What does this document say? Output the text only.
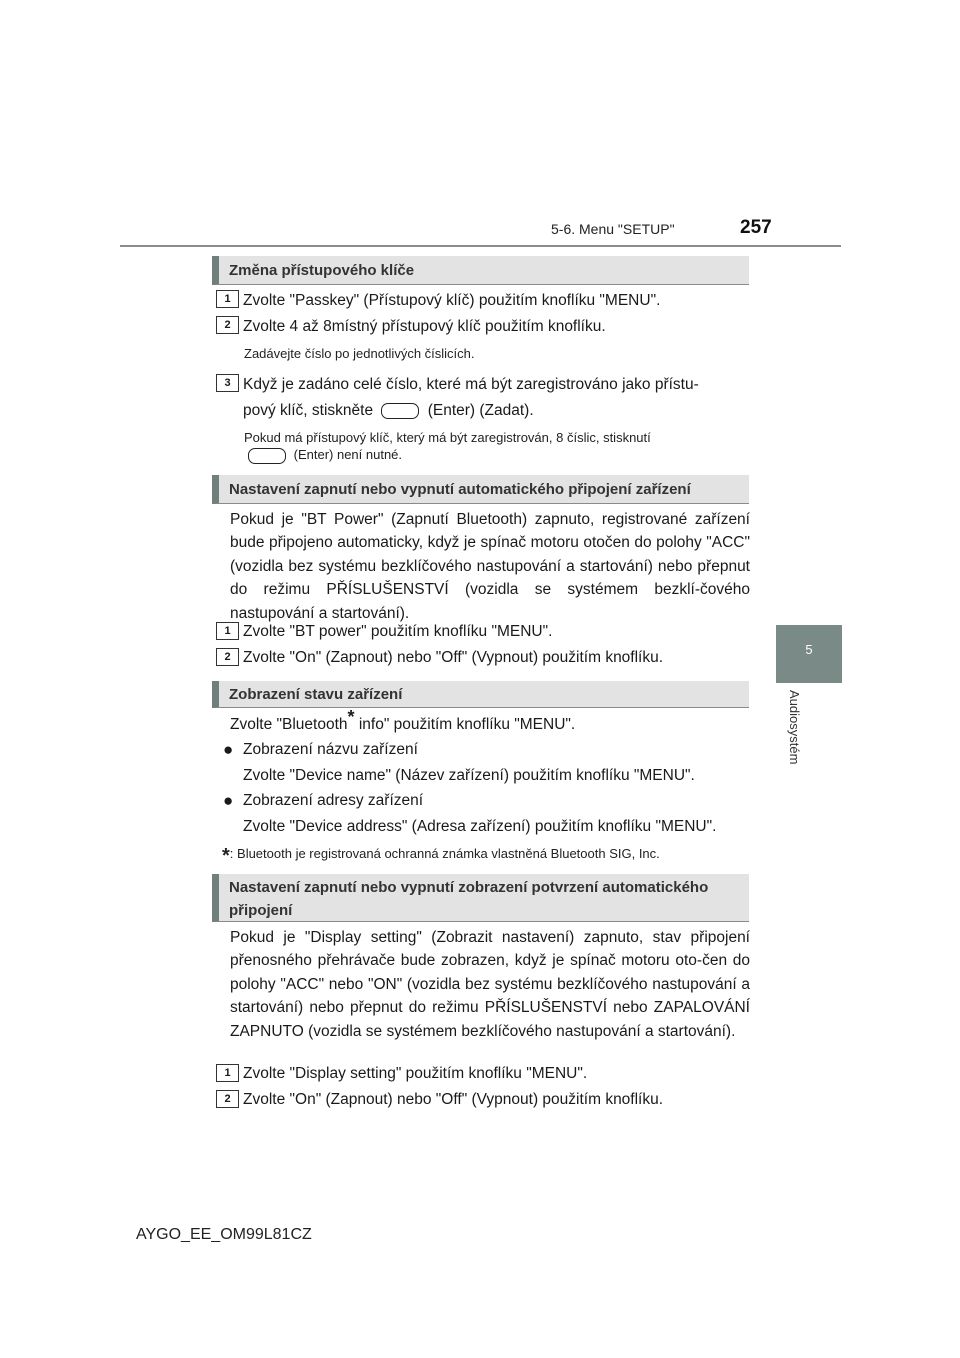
5-6. Menu "SETUP"	257
5
Audiosystém
Změna přístupového klíče
1 Zvolte "Passkey" (Přístupový klíč) použitím knoflíku "MENU".
2 Zvolte 4 až 8místný přístupový klíč použitím knoflíku.
Zadávejte číslo po jednotlivých číslicích.
3 Když je zadáno celé číslo, které má být zaregistrováno jako přístu-
pový klíč, stiskněte	(Enter) (Zadat).
Pokud má přístupový klíč, který má být zaregistrován, 8 číslic, stisknutí
(Enter) není nutné.
Nastavení zapnutí nebo vypnutí automatického připojení zařízení
Pokud je "BT Power" (Zapnutí Bluetooth) zapnuto, registrované zařízení bude připojeno automaticky, když je spínač motoru otočen do polohy "ACC" (vozidla bez systému bezklíčového nastupování a startování) nebo přepnut do režimu PŘÍSLUŠENSTVÍ (vozidla se systémem bezklí-čového nastupování a startování).
1 Zvolte "BT power" použitím knoflíku "MENU".
2 Zvolte "On" (Zapnout) nebo "Off" (Vypnout) použitím knoflíku.
Zobrazení stavu zařízení
Zvolte "Bluetooth* info" použitím knoflíku "MENU".
● Zobrazení názvu zařízení
Zvolte "Device name" (Název zařízení) použitím knoflíku "MENU".
● Zobrazení adresy zařízení
Zvolte "Device address" (Adresa zařízení) použitím knoflíku "MENU".
*: Bluetooth je registrovaná ochranná známka vlastněná Bluetooth SIG, Inc.
Nastavení zapnutí nebo vypnutí zobrazení potvrzení automatického
připojení
Pokud je "Display setting" (Zobrazit nastavení) zapnuto, stav připojení přenosného přehrávače bude zobrazen, když je spínač motoru oto-čen do polohy "ACC" nebo "ON" (vozidla bez systému bezklíčového nastupování a startování) nebo přepnut do režimu PŘÍSLUŠENSTVÍ nebo ZAPALOVÁNÍ ZAPNUTO (vozidla se systémem bezklíčového nastupování a startování).
1 Zvolte "Display setting" použitím knoflíku "MENU".
2 Zvolte "On" (Zapnout) nebo "Off" (Vypnout) použitím knoflíku.
AYGO_EE_OM99L81CZ
